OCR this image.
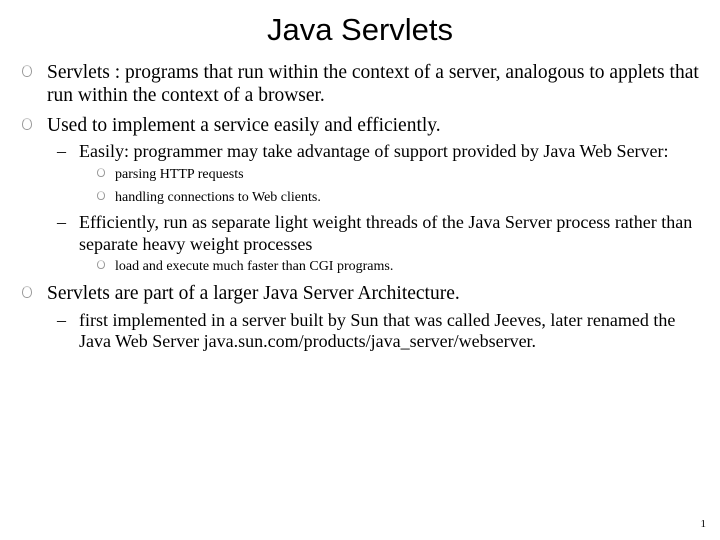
Java Servlets
Servlets : programs that run within the context of a server, analogous to applets that run within the context of a browser.
Used to implement a service easily and efficiently.
– Easily: programmer may take advantage of support provided by Java Web Server:
parsing HTTP requests
handling connections to Web clients.
– Efficiently, run as separate light weight threads of the Java Server process rather than separate heavy weight processes
load and execute much faster than CGI programs.
Servlets are part of a larger Java Server Architecture.
– first implemented in a server built by Sun that was called Jeeves, later renamed the Java Web Server java.sun.com/products/java_server/webserver.
1
